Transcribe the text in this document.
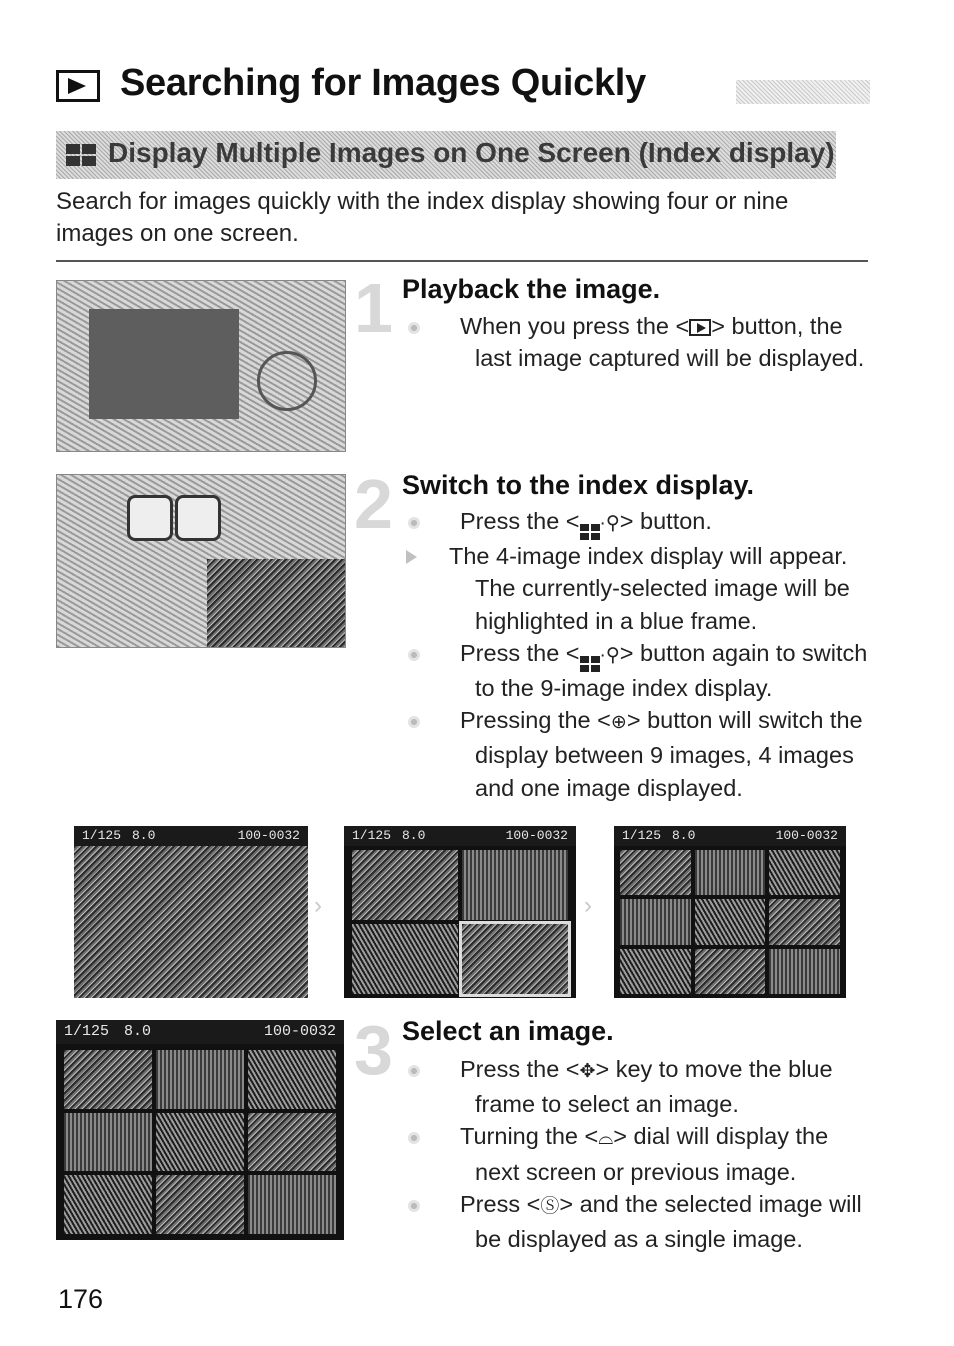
Searching for Images Quickly
Display Multiple Images on One Screen (Index display)
Search for images quickly with the index display showing four or nine images on one screen.
1 Playback the image.
When you press the < > button, the last image captured will be displayed.
2 Switch to the index display.
Press the < ·⚲> button.
The 4-image index display will appear. The currently-selected image will be highlighted in a blue frame.
Press the < ·⚲> button again to switch to the 9-image index display.
Pressing the <⊕> button will switch the display between 9 images, 4 images and one image displayed.
1/125 8.0	100-0032
›
1/125 8.0	100-0032
›
1/125 8.0	100-0032
1/125 8.0	100-0032 3 Select an image.
Press the <✥> key to move the blue frame to select an image.
Turning the <⌓> dial will display the next screen or previous image.
Press <Ⓢ> and the selected image will be displayed as a single image.
176
